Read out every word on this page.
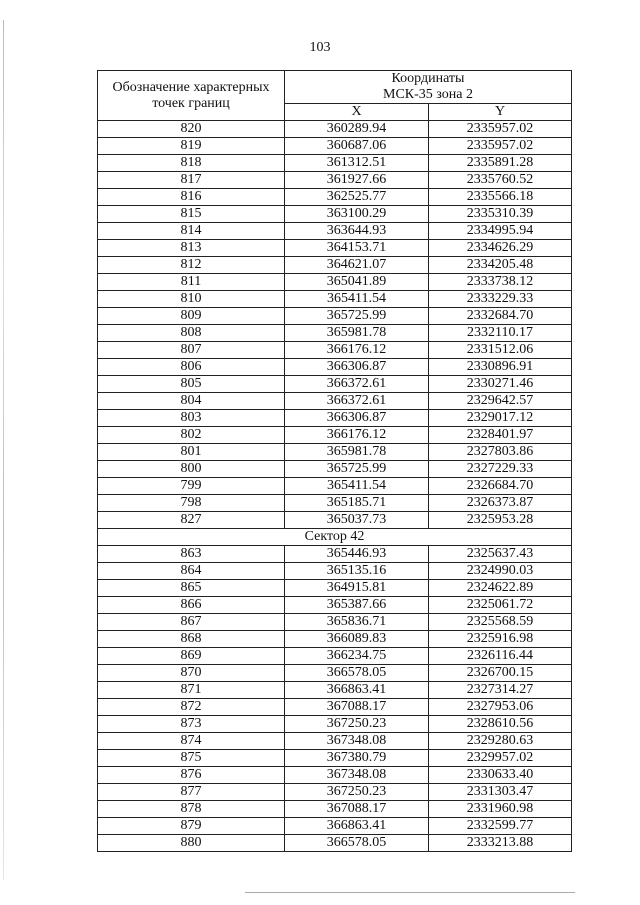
103
Обозначение характерных точек границ	Координаты
МСК-35 зона 2	

	X	Y
820	360289.94	2335957.02
819	360687.06	2335957.02
818	361312.51	2335891.28
817	361927.66	2335760.52
816	362525.77	2335566.18
815	363100.29	2335310.39
814	363644.93	2334995.94
813	364153.71	2334626.29
812	364621.07	2334205.48
811	365041.89	2333738.12
810	365411.54	2333229.33
809	365725.99	2332684.70
808	365981.78	2332110.17
807	366176.12	2331512.06
806	366306.87	2330896.91
805	366372.61	2330271.46
804	366372.61	2329642.57
803	366306.87	2329017.12
802	366176.12	2328401.97
801	365981.78	2327803.86
800	365725.99	2327229.33
799	365411.54	2326684.70
798	365185.71	2326373.87
827	365037.73	2325953.28
Сектор 42		
863	365446.93	2325637.43
864	365135.16	2324990.03
865	364915.81	2324622.89
866	365387.66	2325061.72
867	365836.71	2325568.59
868	366089.83	2325916.98
869	366234.75	2326116.44
870	366578.05	2326700.15
871	366863.41	2327314.27
872	367088.17	2327953.06
873	367250.23	2328610.56
874	367348.08	2329280.63
875	367380.79	2329957.02
876	367348.08	2330633.40
877	367250.23	2331303.47
878	367088.17	2331960.98
879	366863.41	2332599.77
880	366578.05	2333213.88
